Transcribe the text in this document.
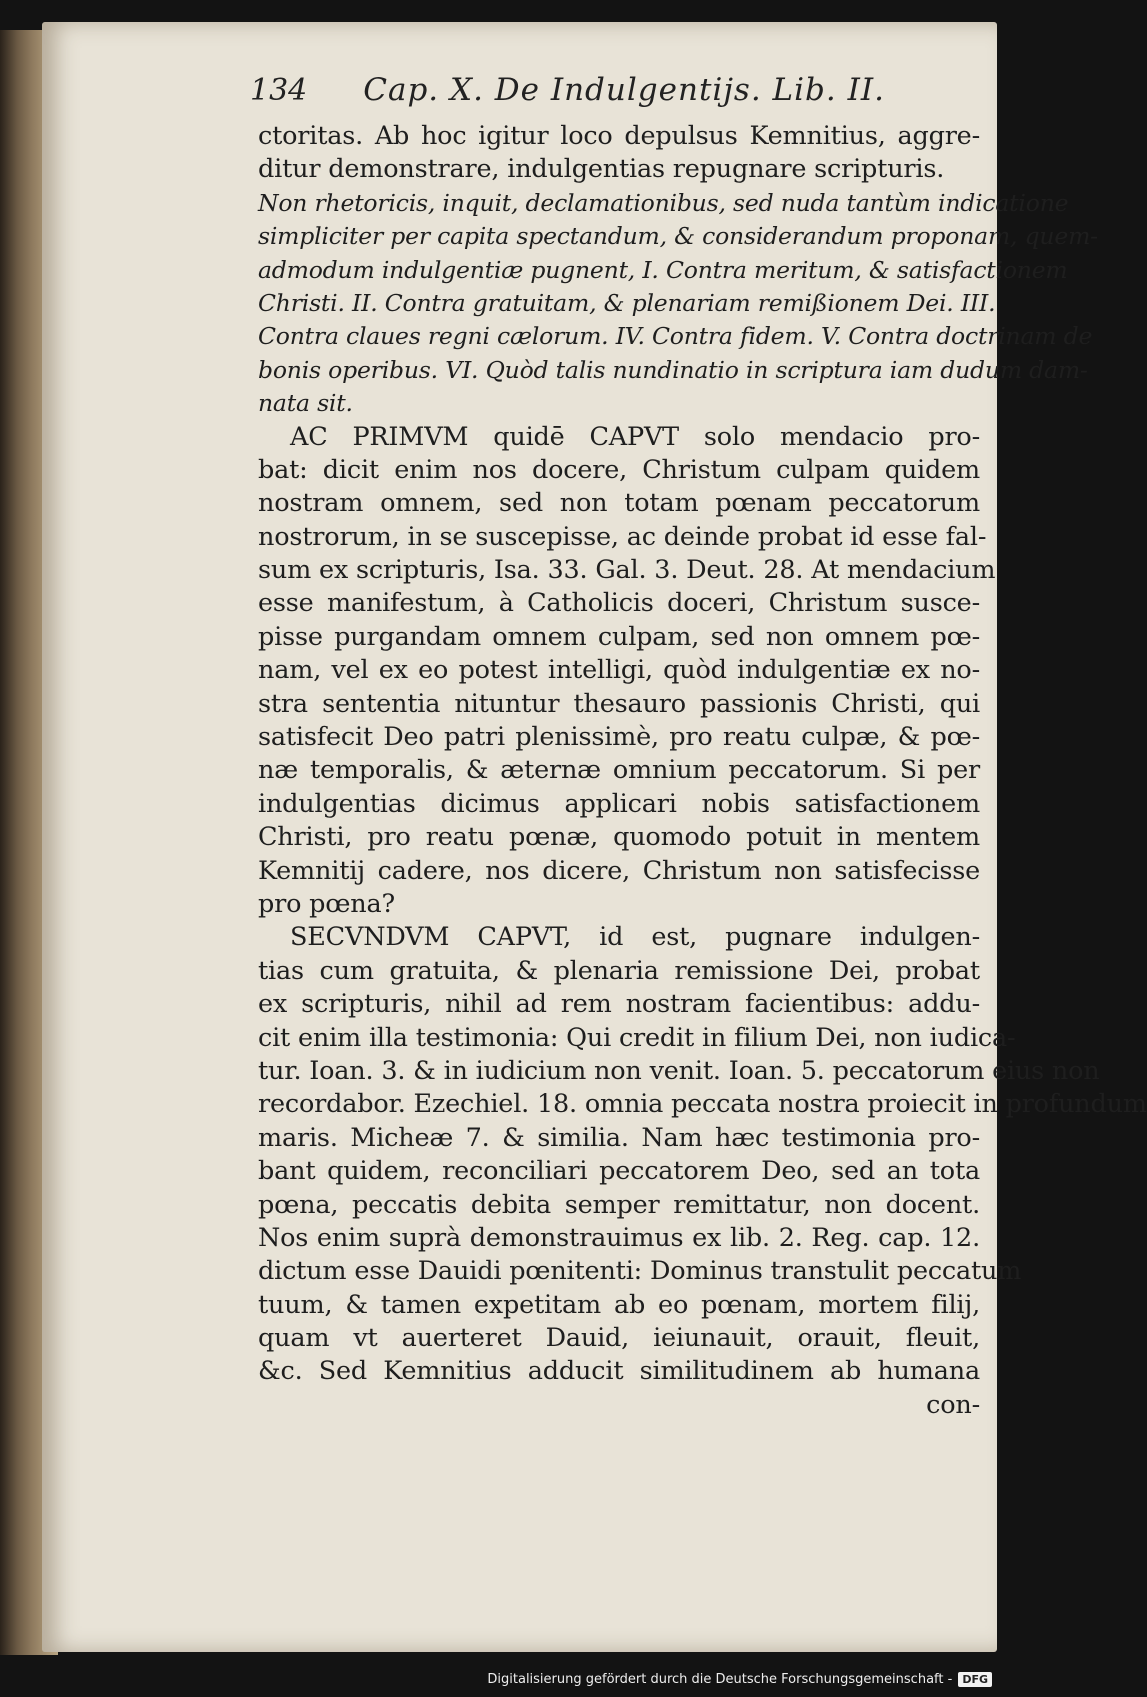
134 Cap. X. De Indulgentijs. Lib. II.
ctoritas. Ab hoc igitur loco depulsus Kemnitius, aggre-
ditur demonstrare, indulgentias repugnare scripturis.
Non rhetoricis, inquit, declamationibus, sed nuda tantùm indicatione
simpliciter per capita spectandum, & considerandum proponam, quem-
admodum indulgentiæ pugnent, I. Contra meritum, & satisfactionem
Christi. II. Contra gratuitam, & plenariam remißionem Dei. III.
Contra claues regni cælorum. IV. Contra fidem. V. Contra doctrinam de
bonis operibus. VI. Quòd talis nundinatio in scriptura iam dudum dam-
nata sit.
AC PRIMVM quidē CAPVT solo mendacio pro-
bat: dicit enim nos docere, Christum culpam quidem
nostram omnem, sed non totam pœnam peccatorum
nostrorum, in se suscepisse, ac deinde probat id esse fal-
sum ex scripturis, Isa. 33. Gal. 3. Deut. 28. At mendacium
esse manifestum, à Catholicis doceri, Christum susce-
pisse purgandam omnem culpam, sed non omnem pœ-
nam, vel ex eo potest intelligi, quòd indulgentiæ ex no-
stra sententia nituntur thesauro passionis Christi, qui
satisfecit Deo patri plenissimè, pro reatu culpæ, & pœ-
næ temporalis, & æternæ omnium peccatorum. Si per
indulgentias dicimus applicari nobis satisfactionem
Christi, pro reatu pœnæ, quomodo potuit in mentem
Kemnitij cadere, nos dicere, Christum non satisfecisse
pro pœna?
SECVNDVM CAPVT, id est, pugnare indulgen-
tias cum gratuita, & plenaria remissione Dei, probat
ex scripturis, nihil ad rem nostram facientibus: addu-
cit enim illa testimonia: Qui credit in filium Dei, non iudica-
tur. Ioan. 3. & in iudicium non venit. Ioan. 5. peccatorum eius non
recordabor. Ezechiel. 18. omnia peccata nostra proiecit in profundum
maris. Micheæ 7. & similia. Nam hæc testimonia pro-
bant quidem, reconciliari peccatorem Deo, sed an tota
pœna, peccatis debita semper remittatur, non docent.
Nos enim suprà demonstrauimus ex lib. 2. Reg. cap. 12.
dictum esse Dauidi pœnitenti: Dominus transtulit peccatum
tuum, & tamen expetitam ab eo pœnam, mortem filij,
quam vt auerteret Dauid, ieiunauit, orauit, fleuit,
&c. Sed Kemnitius adducit similitudinem ab humana
con-
Digitalisierung gefördert durch die Deutsche Forschungsgemeinschaft - DFG
